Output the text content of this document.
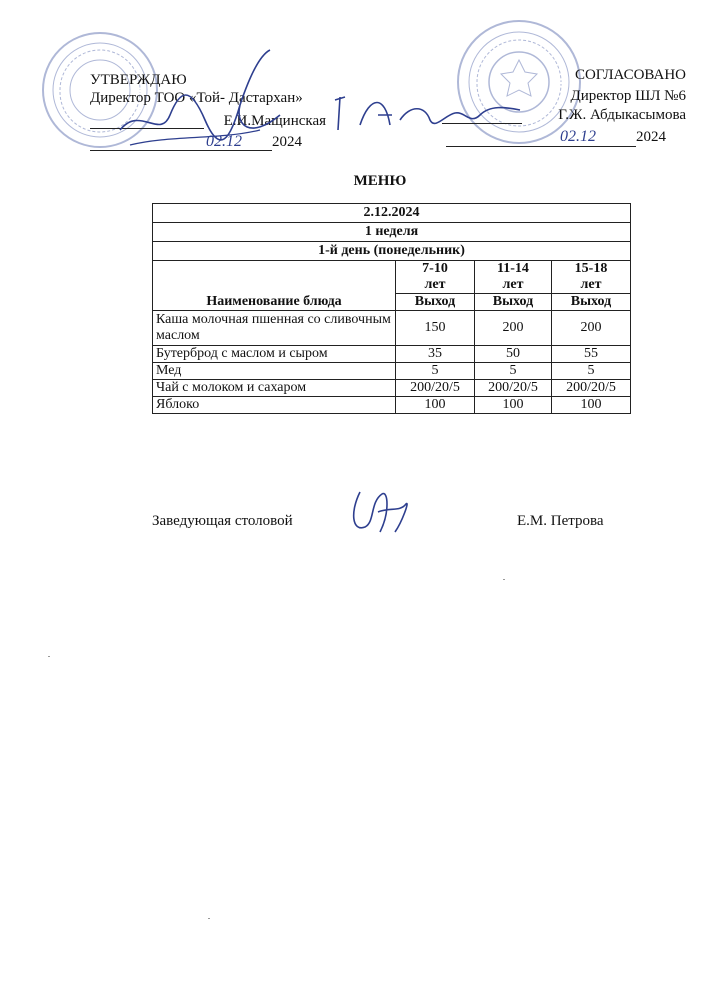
УТВЕРЖДАЮ
Директор ТОО «Той- Дастархан»
Е.И.Мащинская
02.12 2024
СОГЛАСОВАНО
Директор ШЛ №6
Г.Ж. Абдыкасымова
02.12	2024
МЕНЮ
2.12.2024			
1 неделя			
1-й день (понедельник)			
Наименование блюда	7-10 лет	11-14 лет	15-18 лет
	Выход	Выход	Выход
Каша молочная пшенная со сливочным маслом	150	200	200
Бутерброд с маслом и сыром	35	50	55
Мед	5	5	5
Чай с молоком и сахаром	200/20/5	200/20/5	200/20/5
Яблоко	100	100	100
Заведующая столовой	Е.М. Петрова
